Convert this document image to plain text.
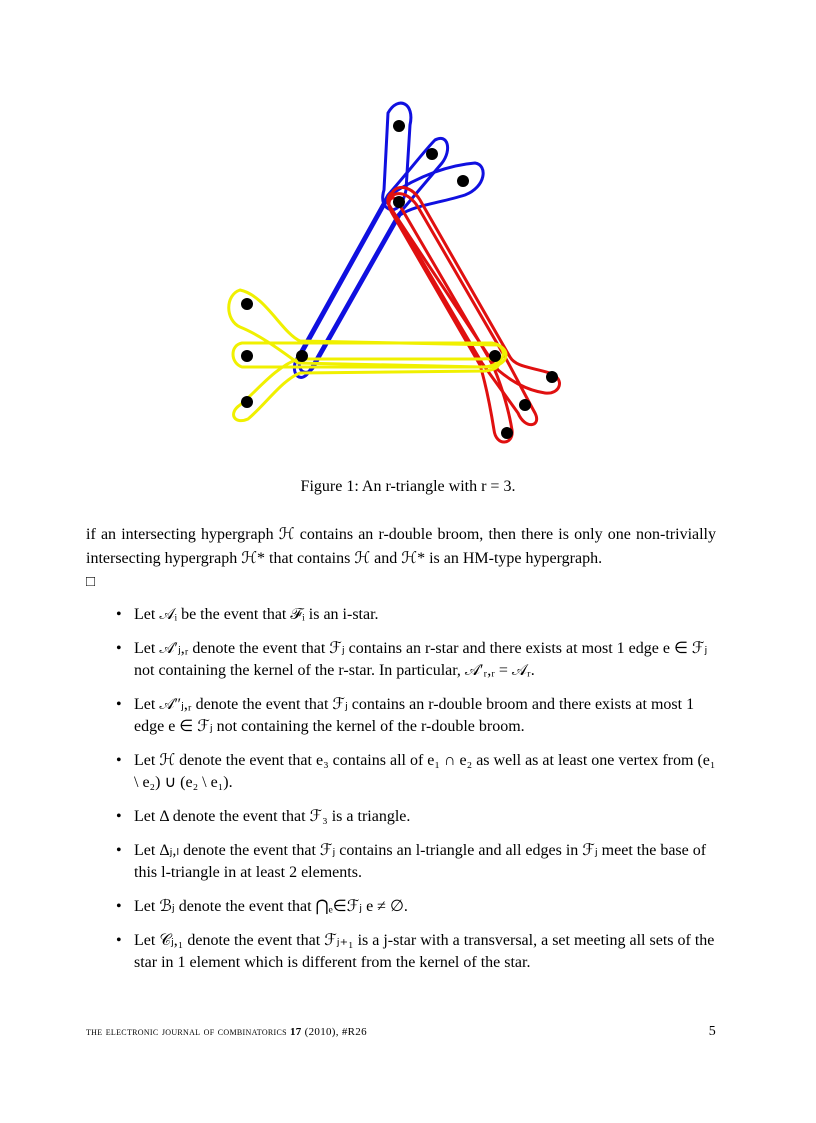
Figure 1: An r-triangle with r = 3.
if an intersecting hypergraph ℋ contains an r-double broom, then there is only one non-trivially intersecting hypergraph ℋ* that contains ℋ and ℋ* is an HM-type hypergraph.
□
• Let 𝒜ᵢ be the event that ℱᵢ is an i-star.
• Let 𝒜′ⱼ,ᵣ denote the event that ℱⱼ contains an r-star and there exists at most 1 edge e ∈ ℱⱼ not containing the kernel of the r-star. In particular, 𝒜′ᵣ,ᵣ = 𝒜ᵣ.
• Let 𝒜″ⱼ,ᵣ denote the event that ℱⱼ contains an r-double broom and there exists at most 1 edge e ∈ ℱⱼ not containing the kernel of the r-double broom.
• Let ℋ denote the event that e₃ contains all of e₁ ∩ e₂ as well as at least one vertex from (e₁ \ e₂) ∪ (e₂ \ e₁).
• Let Δ denote the event that ℱ₃ is a triangle.
• Let Δⱼ,ₗ denote the event that ℱⱼ contains an l-triangle and all edges in ℱⱼ meet the base of this l-triangle in at least 2 elements.
• Let ℬⱼ denote the event that ⋂ₑ∈ℱⱼ e ≠ ∅.
• Let 𝒞ⱼ,₁ denote the event that ℱⱼ₊₁ is a j-star with a transversal, a set meeting all sets of the star in 1 element which is different from the kernel of the star.
the electronic journal of combinatorics 17 (2010), #R26	5
